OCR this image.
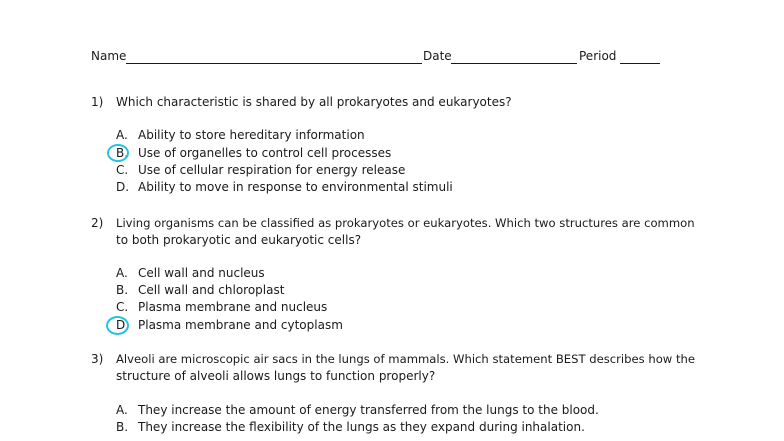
Name	Date	Period
1) Which characteristic is shared by all prokaryotes and eukaryotes?
A. Ability to store hereditary information
B. Use of organelles to control cell processes
C. Use of cellular respiration for energy release
D. Ability to move in response to environmental stimuli
2) Living organisms can be classified as prokaryotes or eukaryotes. Which two structures are common
to both prokaryotic and eukaryotic cells?
A. Cell wall and nucleus
B. Cell wall and chloroplast
C. Plasma membrane and nucleus
D. Plasma membrane and cytoplasm
3) Alveoli are microscopic air sacs in the lungs of mammals. Which statement BEST describes how the
structure of alveoli allows lungs to function properly?
A. They increase the amount of energy transferred from the lungs to the blood.
B. They increase the flexibility of the lungs as they expand during inhalation.
